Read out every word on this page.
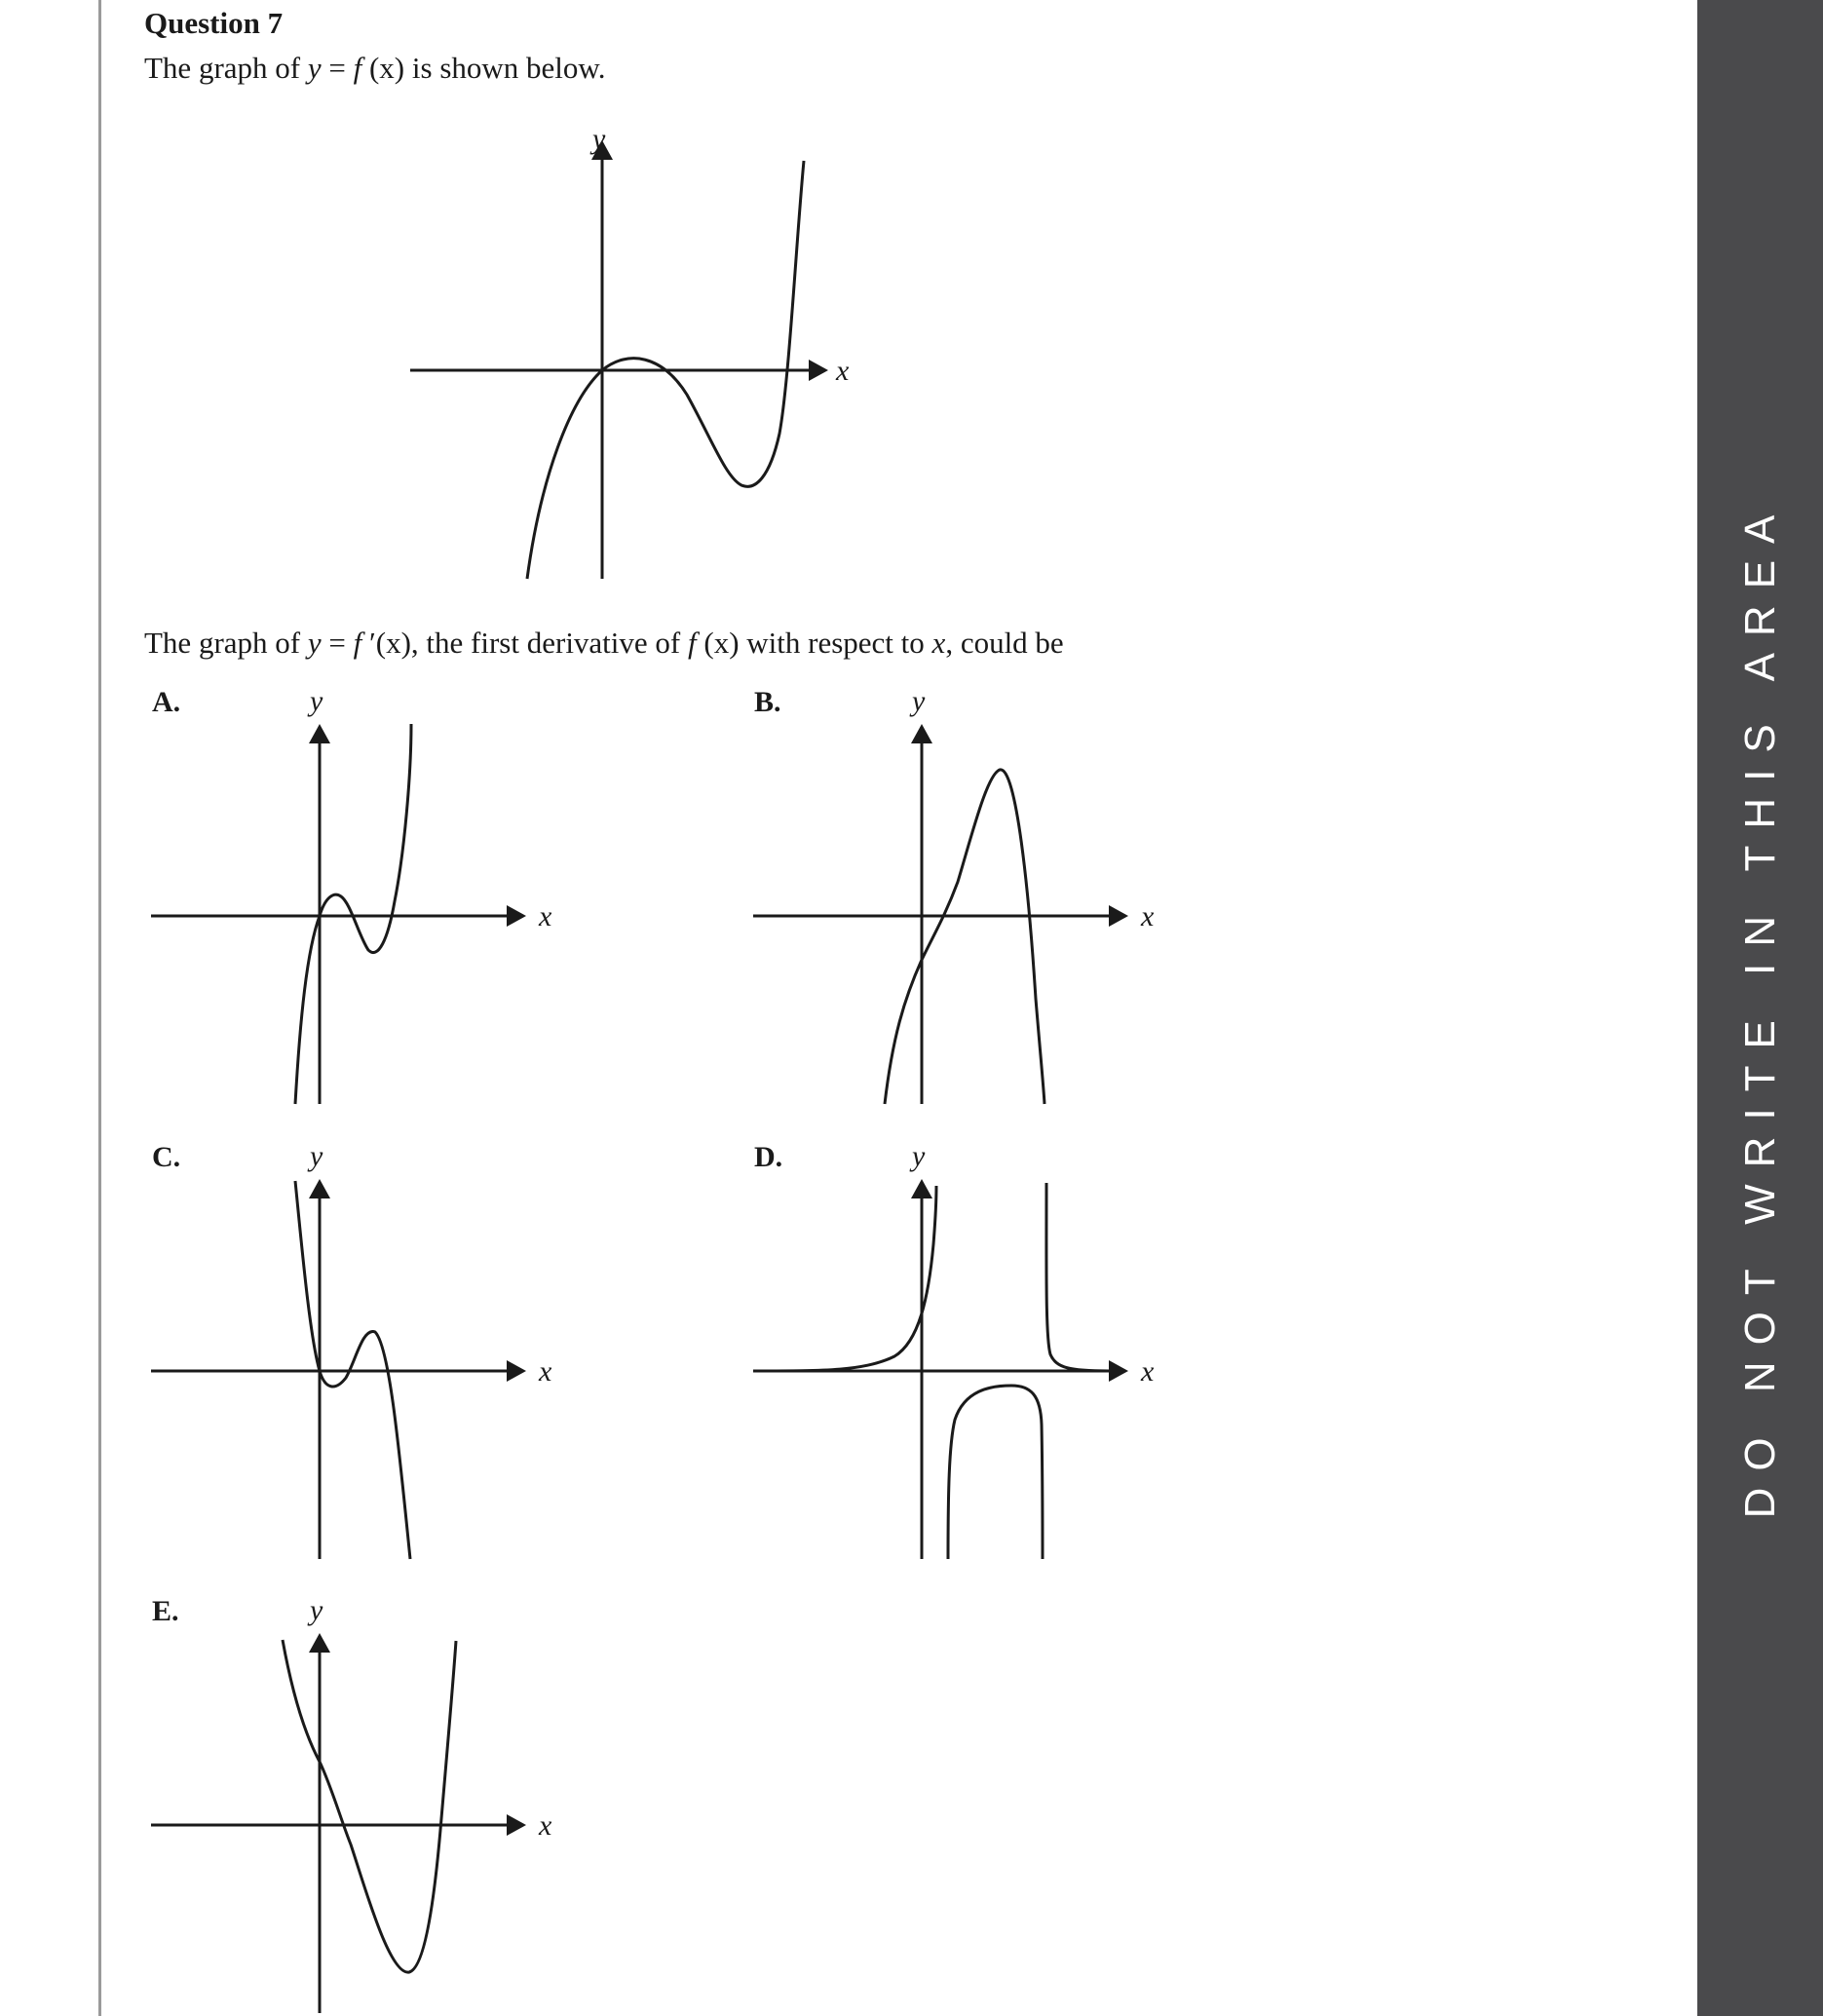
DO NOT WRITE IN THIS AREA
Question 7
The graph of y = f (x) is shown below.
x
y
The graph of y = f ′(x), the first derivative of f (x) with respect to x, could be
A.
x
y	B.
x
y
C.
x
y	D.
x
y
E.
x
y
